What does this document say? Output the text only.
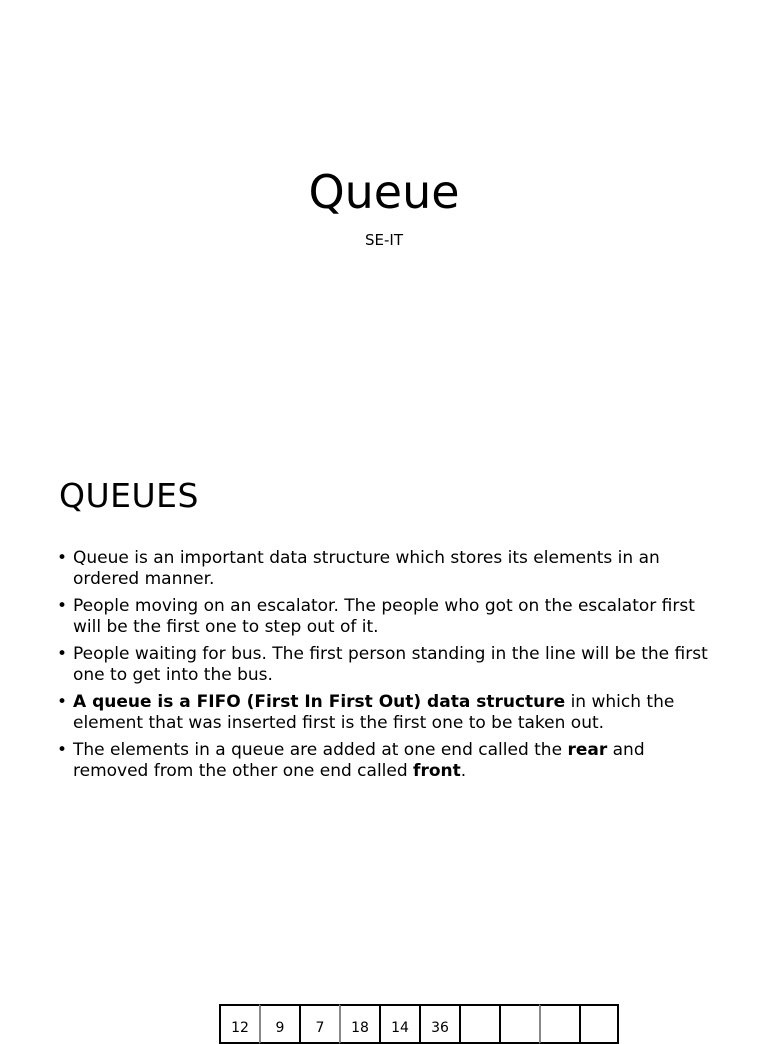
Queue

SE-IT

QUEUES
• Queue is an important data structure which stores its elements in an ordered manner.
• People moving on an escalator. The people who got on the escalator first will be the first one to step out of it.
• People waiting for bus. The first person standing in the line will be the first one to get into the bus.
• A queue is a FIFO (First In First Out) data structure in which the element that was inserted first is the first one to be taken out.
• The elements in a queue are added at one end called the rear and removed from the other one end called front.
12	9	7	18	14	36
